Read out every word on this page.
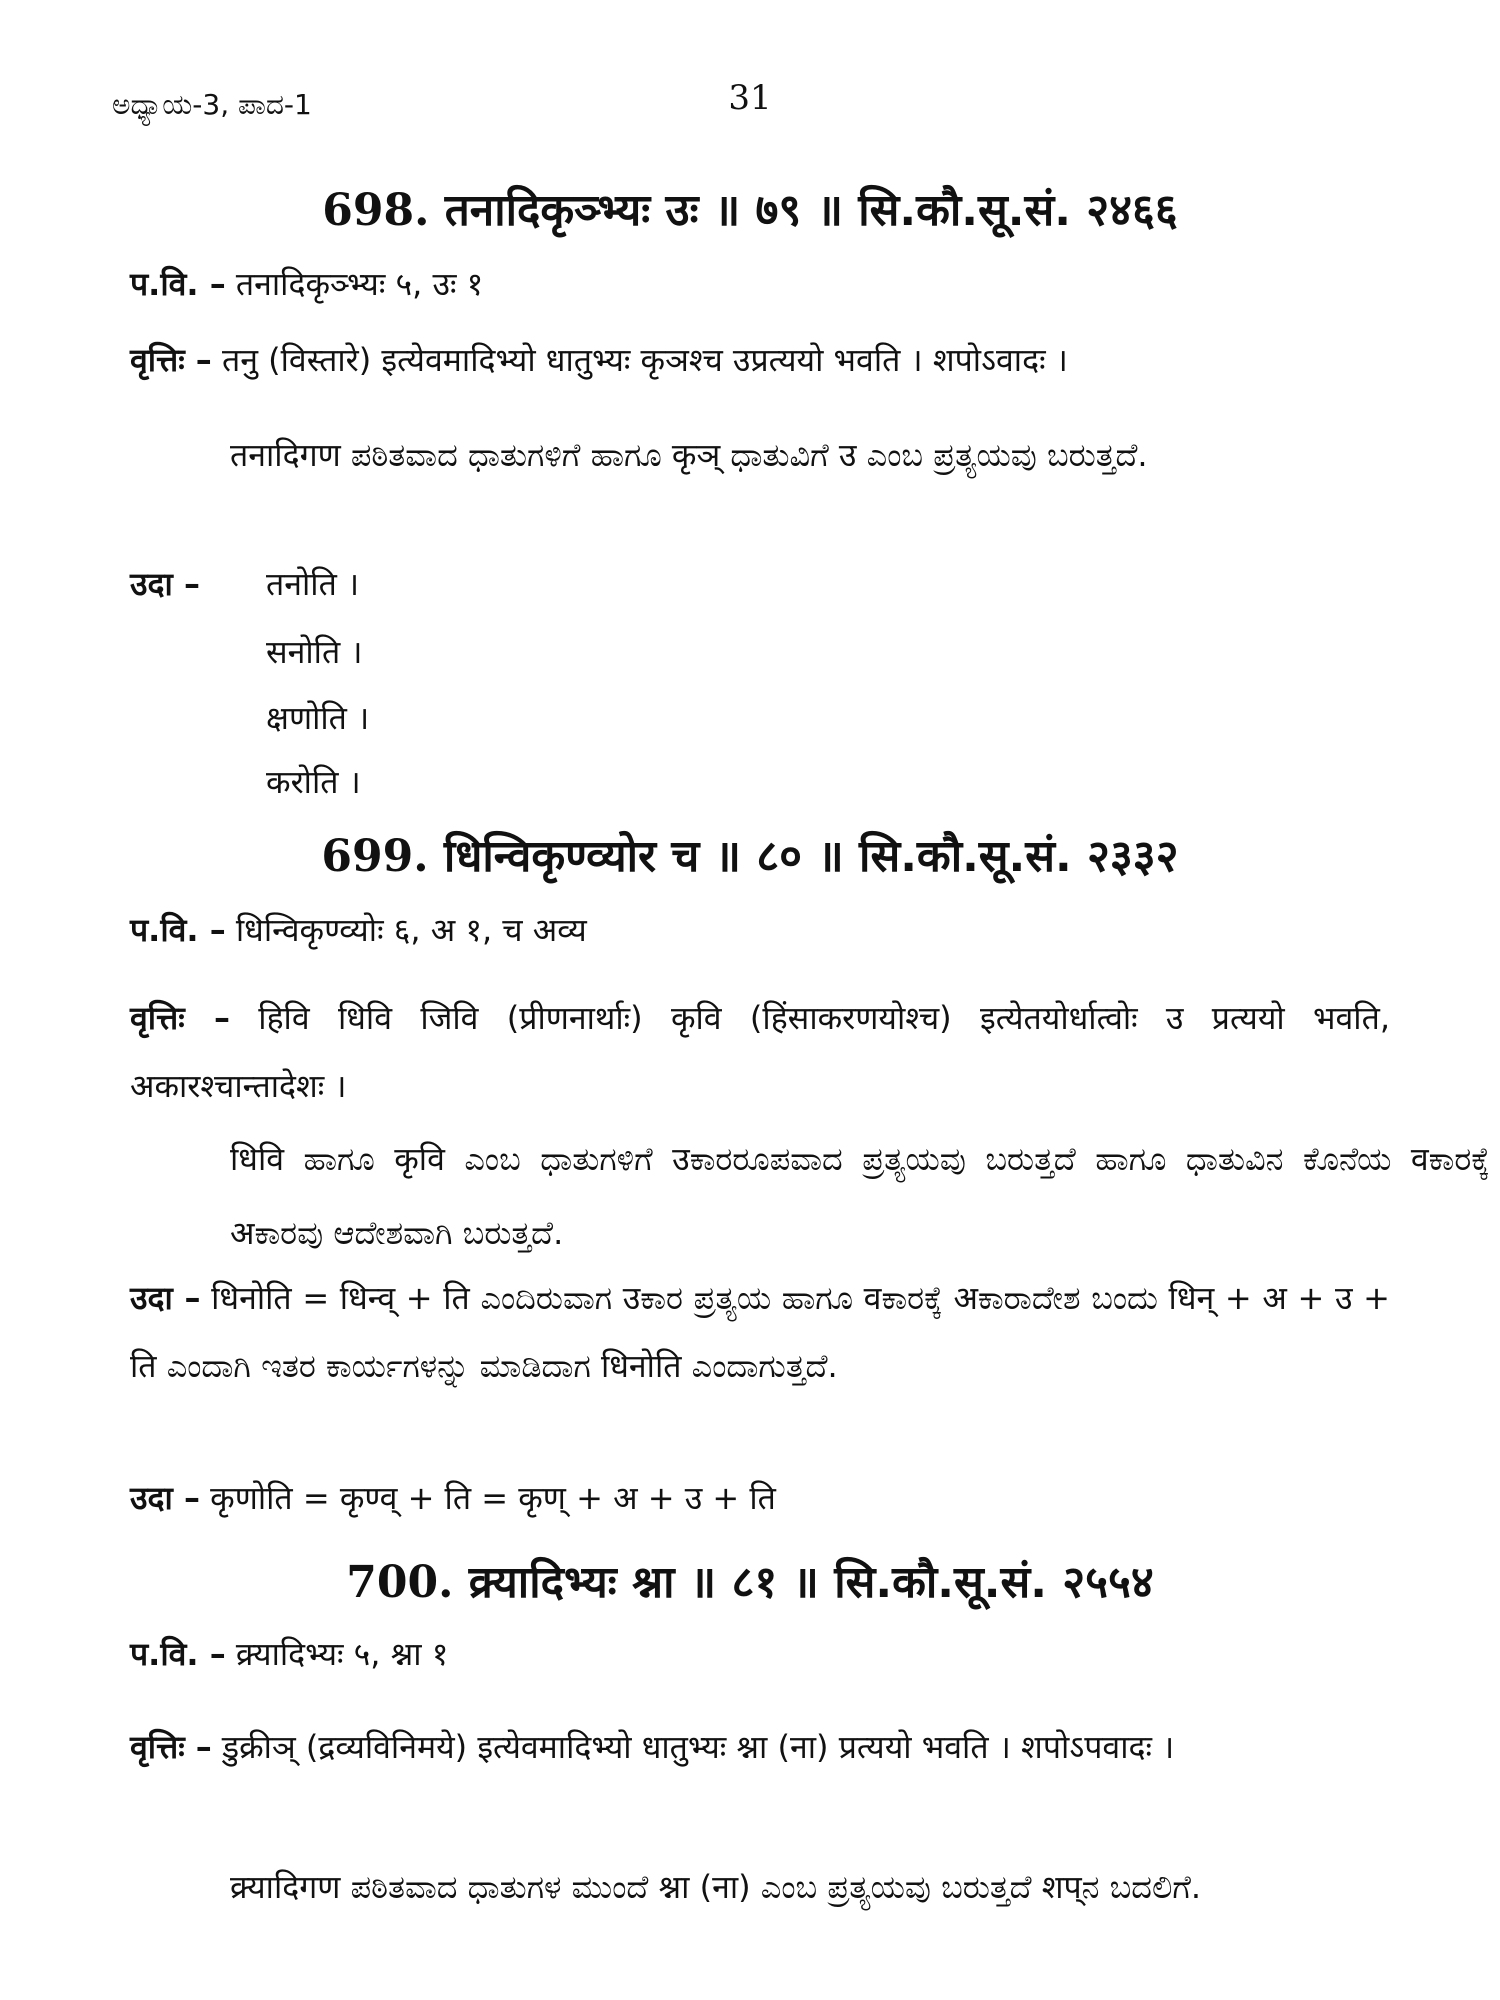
ಅಧ್ಯಾಯ-3, ಪಾದ-1	31
698. तनादिकृञ्भ्यः उः ॥ ७९ ॥ सि.कौ.सू.सं. २४६६
प.वि. – तनादिकृञ्भ्यः ५, उः १
वृत्तिः – तनु (विस्तारे) इत्येवमादिभ्यो धातुभ्यः कृञश्च उप्रत्ययो भवति । शपोऽवादः ।
तनादिगण ಪಠಿತವಾದ ಧಾತುಗಳಿಗೆ ಹಾಗೂ कृञ् ಧಾತುವಿಗೆ उ ಎಂಬ ಪ್ರತ್ಯಯವು ಬರುತ್ತದೆ.
उदा –	तनोति ।
सनोति ।
क्षणोति ।
करोति ।
699. धिन्विकृण्व्योर च ॥ ८० ॥ सि.कौ.सू.सं. २३३२
प.वि. – धिन्विकृण्व्योः ६, अ १, च अव्य
वृत्तिः – हिवि धिवि जिवि (प्रीणनार्थाः) कृवि (हिंसाकरणयोश्च) इत्येतयोर्धात्वोः उ प्रत्ययो भवति, अकारश्चान्तादेशः ।
धिवि ಹಾಗೂ कृवि ಎಂಬ ಧಾತುಗಳಿಗೆ उಕಾರರೂಪವಾದ ಪ್ರತ್ಯಯವು ಬರುತ್ತದೆ ಹಾಗೂ ಧಾತುವಿನ ಕೊನೆಯ वಕಾರಕ್ಕೆ अಕಾರವು ಆದೇಶವಾಗಿ ಬರುತ್ತದೆ.
उदा – धिनोति = धिन्व् + ति ಎಂದಿರುವಾಗ उಕಾರ ಪ್ರತ್ಯಯ ಹಾಗೂ वಕಾರಕ್ಕೆ अಕಾರಾದೇಶ ಬಂದು धिन् + अ + उ + ति ಎಂದಾಗಿ ಇತರ ಕಾರ್ಯಗಳನ್ನು ಮಾಡಿದಾಗ धिनोति ಎಂದಾಗುತ್ತದೆ.
उदा – कृणोति = कृण्व् + ति = कृण् + अ + उ + ति
700. क्र्यादिभ्यः श्ना ॥ ८१ ॥ सि.कौ.सू.सं. २५५४
प.वि. – क्र्यादिभ्यः ५, श्ना १
वृत्तिः – डुक्रीञ् (द्रव्यविनिमये) इत्येवमादिभ्यो धातुभ्यः श्ना (ना) प्रत्ययो भवति । शपोऽपवादः ।
क्र्यादिगण ಪಠಿತವಾದ ಧಾತುಗಳ ಮುಂದೆ श्ना (ना) ಎಂಬ ಪ್ರತ್ಯಯವು ಬರುತ್ತದೆ शप्ನ ಬದಲಿಗೆ.
